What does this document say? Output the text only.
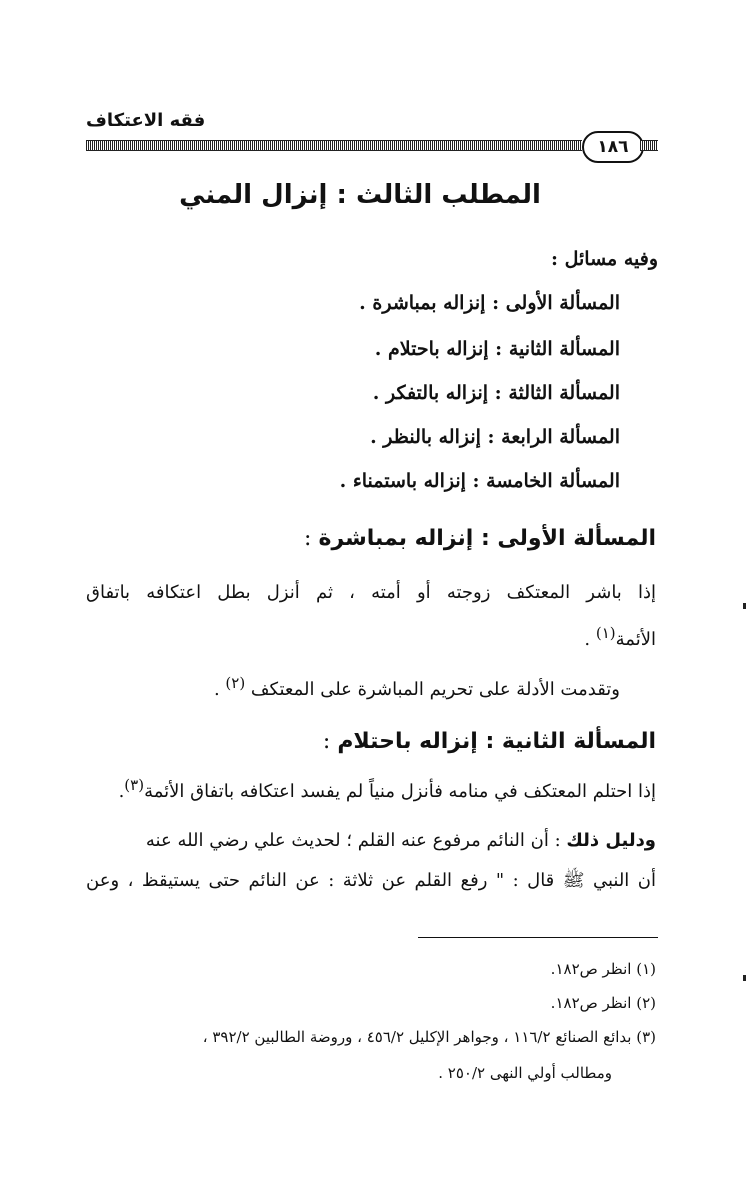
فقه الاعتكاف
١٨٦
المطلب الثالث : إنزال المني
وفيه مسائل :
المسألة الأولى : إنزاله بمباشرة .
المسألة الثانية : إنزاله باحتلام .
المسألة الثالثة : إنزاله بالتفكر .
المسألة الرابعة : إنزاله بالنظر .
المسألة الخامسة : إنزاله باستمناء .
المسألة الأولى : إنزاله بمباشرة :
إذا باشر المعتكف زوجته أو أمته ، ثم أنزل بطل اعتكافه باتفاق
الأئمة$^{(١)}$ .
وتقدمت الأدلة على تحريم المباشرة على المعتكف $^{(٢)}$ .
المسألة الثانية : إنزاله باحتلام :
إذا احتلم المعتكف في منامه فأنزل منياً لم يفسد اعتكافه باتفاق الأئمة$^{(٣)}$.
ودليل ذلك : أن النائم مرفوع عنه القلم ؛ لحديث علي رضي الله عنه
أن النبي ﷺ قال : " رفع القلم عن ثلاثة : عن النائم حتى يستيقظ ، وعن
(١) انظر ص١٨٢.
(٢) انظر ص١٨٢.
(٣) بدائع الصنائع ١١٦/٢ ، وجواهر الإكليل ٤٥٦/٢ ، وروضة الطالبين ٣٩٢/٢ ،
ومطالب أولي النهى ٢٥٠/٢ .
